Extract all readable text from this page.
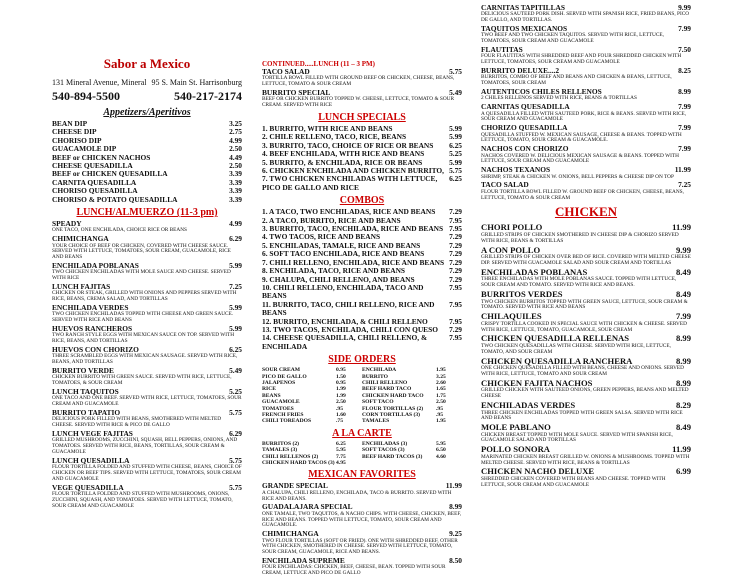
Sabor a Mexico
131 Mineral Avenue, Mineral 95 S. Main St. Harrisonburg
540-894-5500	540-217-2174
Appetizers/Aperitivos
BEAN DIP	3.25
CHEESE DIP	2.75
CHORISO DIP	4.99
GUACAMOLE DIP	2.50
BEEF or CHICKEN NACHOS	4.49
CHEESE QUESADILLA	2.50
BEEF or CHICKEN QUESADILLA	3.39
CARNITA QUESADILLA	3.39
CHORISO QUESADILLA	3.39
CHORISO & POTATO QUESADILLA	3.39
LUNCH/ALMUERZO (11-3 pm)
SPEADY	4.99
ONE TACO, ONE ENCHILADA, CHOICE RICE OR BEANS
CHIMICHANGA	6.29
YOUR CHOICE OF BEEF OR CHICKEN, COVERED WITH CHEESE SAUCE. SERVED WITH LETTUCE, TOMATOES, SOUR CREAM, GUACAMOLE, RICE AND BEANS
ENCHILADA POBLANAS	5.99
TWO CHICKEN ENCHILADAS WITH MOLE SAUCE AND CHEESE. SERVED WITH RICE
LUNCH FAJITAS	7.25
CHICKEN OR STEAK, GRILLED WITH ONIONS AND PEPPERS SERVED WITH RICE, BEANS, CREMA SALAD, AND TORTILLAS
ENCHILADA VERDES	5.99
TWO CHICKEN ENCHILADAS TOPPED WITH CHEESE AND GREEN SAUCE. SERVED WITH RICE AND BEANS
HUEVOS RANCHEROS	5.99
TWO RANCH STYLE EGGS WITH MEXICAN SAUCE ON TOP. SERVED WITH RICE, BEANS, AND TORTILLAS
HUEVOS CON CHORIZO	6.25
THREE SCRAMBLED EGGS WITH MEXICAN SAUSAGE. SERVED WITH RICE, BEANS, AND TORTILLAS
BURRITO VERDE	5.49
CHICKEN BURRITO WITH GREEN SAUCE. SERVED WITH RICE, LETTUCE, TOMATOES, & SOUR CREAM
LUNCH TAQUITOS	5.25
ONE TACO AND ONE BEEF. SERVED WITH RICE, LETTUCE, TOMATOES, SOUR CREAM AND GUACAMOLE
BURRITO TAPATIO	5.75
DELICIOUS PORK FILLED WITH BEANS, SMOTHERED WITH MELTED CHEESE. SERVED WITH RICE & PICO DE GALLO
LUNCH VEGE FAJITAS	6.29
GRILLED MUSHROOMS, ZUCCHINI, SQUASH, BELL PEPPERS, ONIONS, AND TOMATOES. SERVED WITH RICE, BEANS, TORTILLAS, SOUR CREAM & GUACAMOLE
LUNCH QUESADILLA	5.75
FLOUR TORTILLA FOLDED AND STUFFED WITH CHEESE, BEANS, CHOICE OF CHICKEN OR BEEF TIPS. SERVED WITH LETTUCE, TOMATOES, SOUR CREAM AND GUACAMOLE
VEGE QUESADILLA	5.75
FLOUR TORTILLA FOLDED AND STUFFED WITH MUSHROOMS, ONIONS, ZUCCHINI, SQUASH, AND TOMATOES. SERVED WITH LETTUCE, TOMATO, SOUR CREAM AND GUACAMOLE
CONTINUED.....LUNCH (11 – 3 PM)
TACO SALAD	5.75
TORTILLA BOWL FILLED WITH GROUND BEEF OR CHICKEN, CHEESE, BEANS, LETTUCE, TOMATO & SOUR CREAM
BURRITO SPECIAL	5.49
BEEF OR CHICKEN BURRITO TOPPED W. CHEESE, LETTUCE, TOMATO & SOUR CREAM. SERVED WITH RICE
LUNCH SPECIALS
1. BURRITO, WITH RICE AND BEANS	5.99
2. CHILE RELLENO, TACO, RICE, BEANS	5.99
3. BURRITO, TACO, CHOICE OF RICE OR BEANS 6.25
4. BEEF ENCHILADA, WITH RICE AND BEANS	5.25
5. BURRITO, & ENCHILADA, RICE OR BEANS	5.99
6. CHICKEN ENCHILADA AND CHICKEN BURRITO, 5.75
7. TWO CHICKEN ENCHILADAS WITH LETTUCE, PICO DE GALLO AND RICE
6.25
COMBOS
1. A TACO, TWO ENCHILADAS, RICE AND BEANS 7.29
2. A TACO, BURRITO, RICE AND BEANS	7.95
3. BURRITO, TACO, ENCHILADA, RICE AND BEANS 7.95
4. TWO TACOS, RICE AND BEANS	7.29
5. ENCHILADAS, TAMALE, RICE AND BEANS	7.29
6. SOFT TACO ENCHILADA, RICE AND BEANS	7.29
7. CHILI RELLENO, ENCHILADA, RICE AND BEANS 7.29
8. ENCHILADA, TACO, RICE AND BEANS	7.29
9. CHALUPA, CHILI RELLENO, AND BEANS	7.29
10. CHILI RELLENO, ENCHILADA, TACO AND BEANS
7.95
11. BURRITO, TACO, CHILI RELLENO, RICE AND BEANS
7.95
12. BURRITO, ENCHILADA, & CHILI RELLENO	7.95
13. TWO TACOS, ENCHILADA, CHILI CON QUESO 7.29
14. CHEESE QUESADILLA, CHILI RELLENO, & ENCHILADA
7.95
SIDE ORDERS
SOUR CREAM	0.95	ENCHILADA	1.95
PICO DE GALLO	1.50	BURRITO	3.25
JALAPENOS	0.95	CHILI RELLENO	2.60
RICE	1.99	BEEF HARD TACO	1.65
BEANS	1.99	CHICKEN HARD TACO	1.75
GUACAMOLE	2.50	SOFT TACO	2.50
TOMATOES	.95	FLOUR TORTILLAS (2)	.95
FRENCH FRIES	1.60	CORN TORTILLAS (3)	.95
CHILI TOREADOS	.75	TAMALES	1.95
A LA CARTE
BURRITOS (2)	6.25	ENCHILADAS (3)	5.95
TAMALES (3)	5.95	SOFT TACOS (3)	6.50
CHILI RELLENOS (2)	7.75	BEEF HARD TACOS (3)	4.60
CHICKEN HARD TACOS (3) 4.95
MEXICAN FAVORITES
GRANDE SPECIAL	11.99
A CHALUPA, CHILI RELLENO, ENCHILADA, TACO & BURRITO. SERVED WITH RICE AND BEANS.
GUADALAJARA SPECIAL	8.99
ONE TAMALE, TWO TAQUITOS, & NACHO CHIPS. WITH CHEESE, CHICKEN, BEEF, RICE AND BEANS. TOPPED WITH LETTUCE, TOMATO, SOUR CREAM AND GUACAMOLE.
CHIMICHANGA	9.25
TWO FLOUR TORTILLAS (SOFT OR FRIED). ONE WITH SHREDDED BEEF, OTHER WITH CHICKEN, SMOTHERED IN CHEESE. SERVED WITH LETTUCE, TOMATO, SOUR CREAM, GUACAMOLE, RICE AND BEANS.
ENCHILADA SUPREME	8.50
FOUR ENCHILADAS: CHICKEN, BEEF, CHEESE, BEAN. TOPPED WITH SOUR CREAM, LETTUCE AND PICO DE GALLO
CARNITAS TAPITILLAS	9.99
DELICIOUS SAUTEED PORK DISH. SERVED WITH SPANISH RICE, FRIED BEANS, PICO DE GALLO, AND TORTILLAS.
TAQUITOS MEXICANOS	7.99
TWO BEEF AND TWO CHICKEN TAQUITOS. SERVED WITH RICE, LETTUCE, TOMATOES, SOUR CREAM AND GUACAMOLE
FLAUTITAS	7.50
FOUR FLAUTITAS WITH SHREDDED BEEF AND FOUR SHREDDED CHICKEN WITH LETTUCE, TOMATOES, SOUR CREAM AND GUACAMOLE
BURRITO DELUXE....2	8.25
BURRITOS, COMBO OF BEEF AND BEANS AND CHICKEN & BEANS, LETTUCE, TOMATOES, SOUR CREAM
AUTENTICOS CHILES RELLENOS	8.99
2 CHILES RELLENOS SERVED WITH RICE, BEANS & TORTILLAS
CARNITAS QUESADILLA	7.99
A QUESADILLA FILLED WITH SAUTEED PORK, RICE & BEANS. SERVED WITH RICE, SOUR CREAM AND GUACAMOLE
CHORIZO QUESADILLA	7.99
QUESADILLA STUFFED W. MEXICAN SAUSAGE, CHEESE & BEANS. TOPPED WITH LETTUCE, TOMATO, SOUR CREAM & GUACAMOLE.
NACHOS CON CHORIZO	7.99
NACHOS COVERED W. DELICIOUS MEXICAN SAUSAGE & BEANS. TOPPED WITH LETTUCE, SOUR CREAM AND GUACAMOLE
NACHOS TEXANOS	11.99
SHRIMP, STEAK & CHICKEN W. ONIONS, BELL PEPPERS & CHEESE DIP ON TOP
TACO SALAD	7.25
FLOUR TORTILLA BOWL FILLED W. GROUND BEEF OR CHICKEN, CHEESE, BEANS, LETTUCE, TOMATO & SOUR CREAM
CHICKEN
CHORI POLLO	11.99
GRILLED STRIPS OF CHICKEN SMOTHERED IN CHEESE DIP & CHORIZO SERVED WITH RICE, BEANS & TORTILLAS
A CON POLLO	9.99
GRILLED STRIPS OF CHICKEN OVER BED OF RICE. COVERED WITH MELTED CHEESE DIP. SERVED WITH GUACAMOLE SALAD AND SOUR CREAM AND TORTILLAS
ENCHILADAS POBLANAS	8.49
THREE ENCHILADAS WITH MOLE POBLANAS SAUCE. TOPPED WITH LETTUCE, SOUR CREAM AND TOMATO. SERVED WITH RICE AND BEANS.
BURRITOS VERDES	8.49
TWO CHICKEN BURRITOS TOPPED WITH GREEN SAUCE, LETTUCE, SOUR CREAM & TOMATO. SERVED WITH RICE AND BEANS
CHILAQUILES	7.99
CRISPY TORTILLA COOKED IN SPECIAL SAUCE WITH CHICKEN & CHEESE. SERVED WITH RICE, LETTUCE, TOMATO, GUACAMOLE, SOUR CREAM
CHICKEN QUESADILLA RELLENAS	8.99
TWO CHICKEN QUESADILLAS WITH CHEESE. SERVED WITH RICE, LETTUCE, TOMATO, AND SOUR CREAM
CHICKEN QUESADILLA RANCHERA	8.99
ONE CHICKEN QUESADILLA FILLED WITH BEANS, CHEESE AND ONIONS. SERVED WITH RICE, LETTUCE, TOMATO AND SOUR CREAM
CHICKEN FAJITA NACHOS	8.99
GRILLED CHICKEN WITH SAUTEED ONIONS, GREEN PEPPERS, BEANS AND MELTED CHEESE
ENCHILADAS VERDES	8.29
THREE CHICKEN ENCHILADAS TOPPED WITH GREEN SALSA. SERVED WITH RICE AND BEANS
MOLE PABLANO	8.49
CHICKEN BREAST TOPPED WITH MOLE SAUCE. SERVED WITH SPANISH RICE, GUACAMOLE SALAD AND TORTILLAS
POLLO SONORA	11.99
MARINATED CHICKEN BREAST GRILLED W. ONIONS & MUSHROOMS. TOPPED WITH MELTED CHEESE. SERVED WITH RICE, BEANS & TORTILLAS
CHICKEN NACHO DELUXE	6.99
SHREDDED CHICKEN COVERED WITH BEANS AND CHEESE. TOPPED WITH LETTUCE, SOUR CREAM AND GUACAMOLE
